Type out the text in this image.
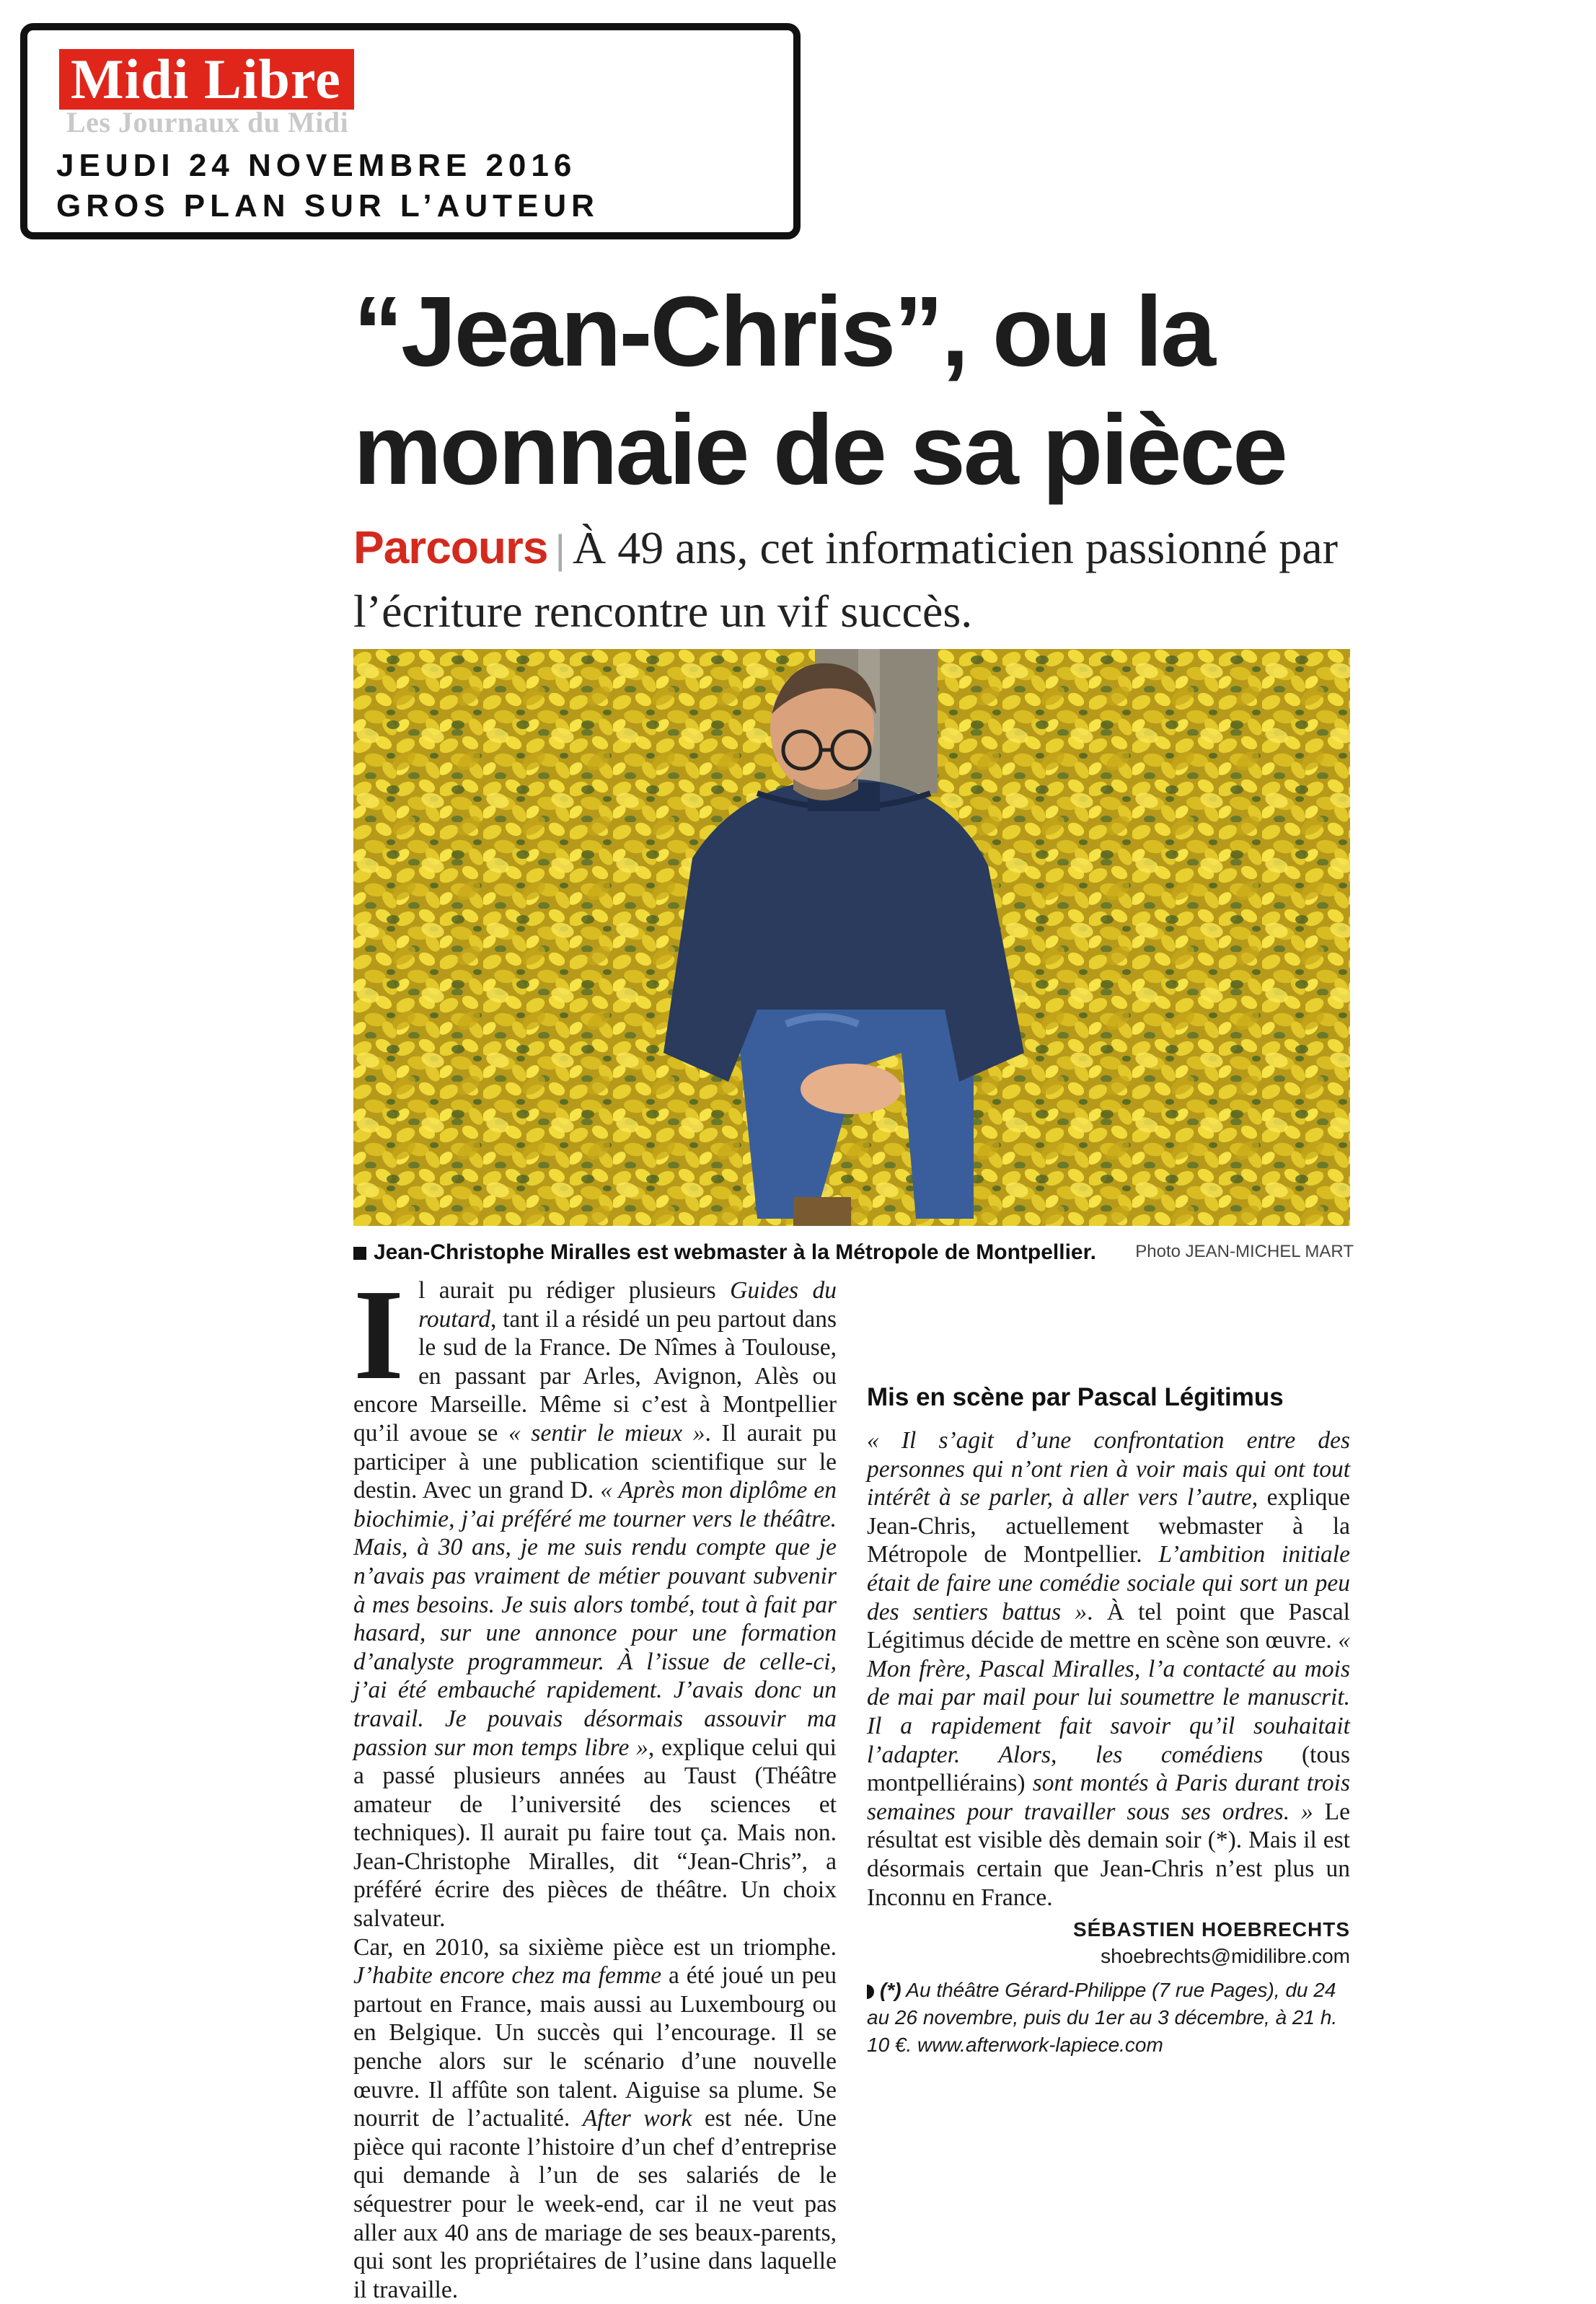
Midi Libre
Les Journaux du Midi
JEUDI 24 NOVEMBRE 2016
GROS PLAN SUR L’AUTEUR
“Jean-Chris”, ou la
monnaie de sa pièce
Parcours | À 49 ans, cet informaticien passionné par l’écriture rencontre un vif succès.
Jean-Christophe Miralles est webmaster à la Métropole de Montpellier.	Photo JEAN-MICHEL MART

Il aurait pu rédiger plusieurs Guides du routard, tant il a résidé un peu partout dans le sud de la France. De Nîmes à Toulouse, en passant par Arles, Avignon, Alès ou encore Marseille. Même si c’est à Montpellier qu’il avoue se « sentir le mieux ». Il aurait pu participer à une publication scientifique sur le destin. Avec un grand D. « Après mon diplôme en biochimie, j’ai préféré me tourner vers le théâtre. Mais, à 30 ans, je me suis rendu compte que je n’avais pas vraiment de métier pouvant subvenir à mes besoins. Je suis alors tombé, tout à fait par hasard, sur une annonce pour une formation d’analyste programmeur. À l’issue de celle-ci, j’ai été embauché rapidement. J’avais donc un travail. Je pouvais désormais assouvir ma passion sur mon temps libre », explique celui qui a passé plusieurs années au Taust (Théâtre amateur de l’université des sciences et techniques). Il aurait pu faire tout ça. Mais non. Jean-Christophe Miralles, dit “Jean-Chris”, a préféré écrire des pièces de théâtre. Un choix salvateur.

Car, en 2010, sa sixième pièce est un triomphe. J’habite encore chez ma femme a été joué un peu partout en France, mais aussi au Luxembourg ou en Belgique. Un succès qui l’encourage. Il se penche alors sur le scénario d’une nouvelle œuvre. Il affûte son talent. Aiguise sa plume. Se nourrit de l’actualité. After work est née. Une pièce qui raconte l’histoire d’un chef d’entreprise qui demande à l’un de ses salariés de le séquestrer pour le week-end, car il ne veut pas aller aux 40 ans de mariage de ses beaux-parents, qui sont les propriétaires de l’usine dans laquelle il travaille.

Mis en scène par Pascal Légitimus

« Il s’agit d’une confrontation entre des personnes qui n’ont rien à voir mais qui ont tout intérêt à se parler, à aller vers l’autre, explique Jean-Chris, actuellement webmaster à la Métropole de Montpellier. L’ambition initiale était de faire une comédie sociale qui sort un peu des sentiers battus ». À tel point que Pascal Légitimus décide de mettre en scène son œuvre. « Mon frère, Pascal Miralles, l’a contacté au mois de mai par mail pour lui soumettre le manuscrit. Il a rapidement fait savoir qu’il souhaitait l’adapter. Alors, les comédiens (tous montpelliérains) sont montés à Paris durant trois semaines pour travailler sous ses ordres. » Le résultat est visible dès demain soir (*). Mais il est désormais certain que Jean-Chris n’est plus un Inconnu en France.

SÉBASTIEN HOEBRECHTS
shoebrechts@midilibre.com
(*) Au théâtre Gérard-Philippe (7 rue Pages), du 24 au 26 novembre, puis du 1er au 3 décembre, à 21 h. 10 €. www.afterwork-lapiece.com
